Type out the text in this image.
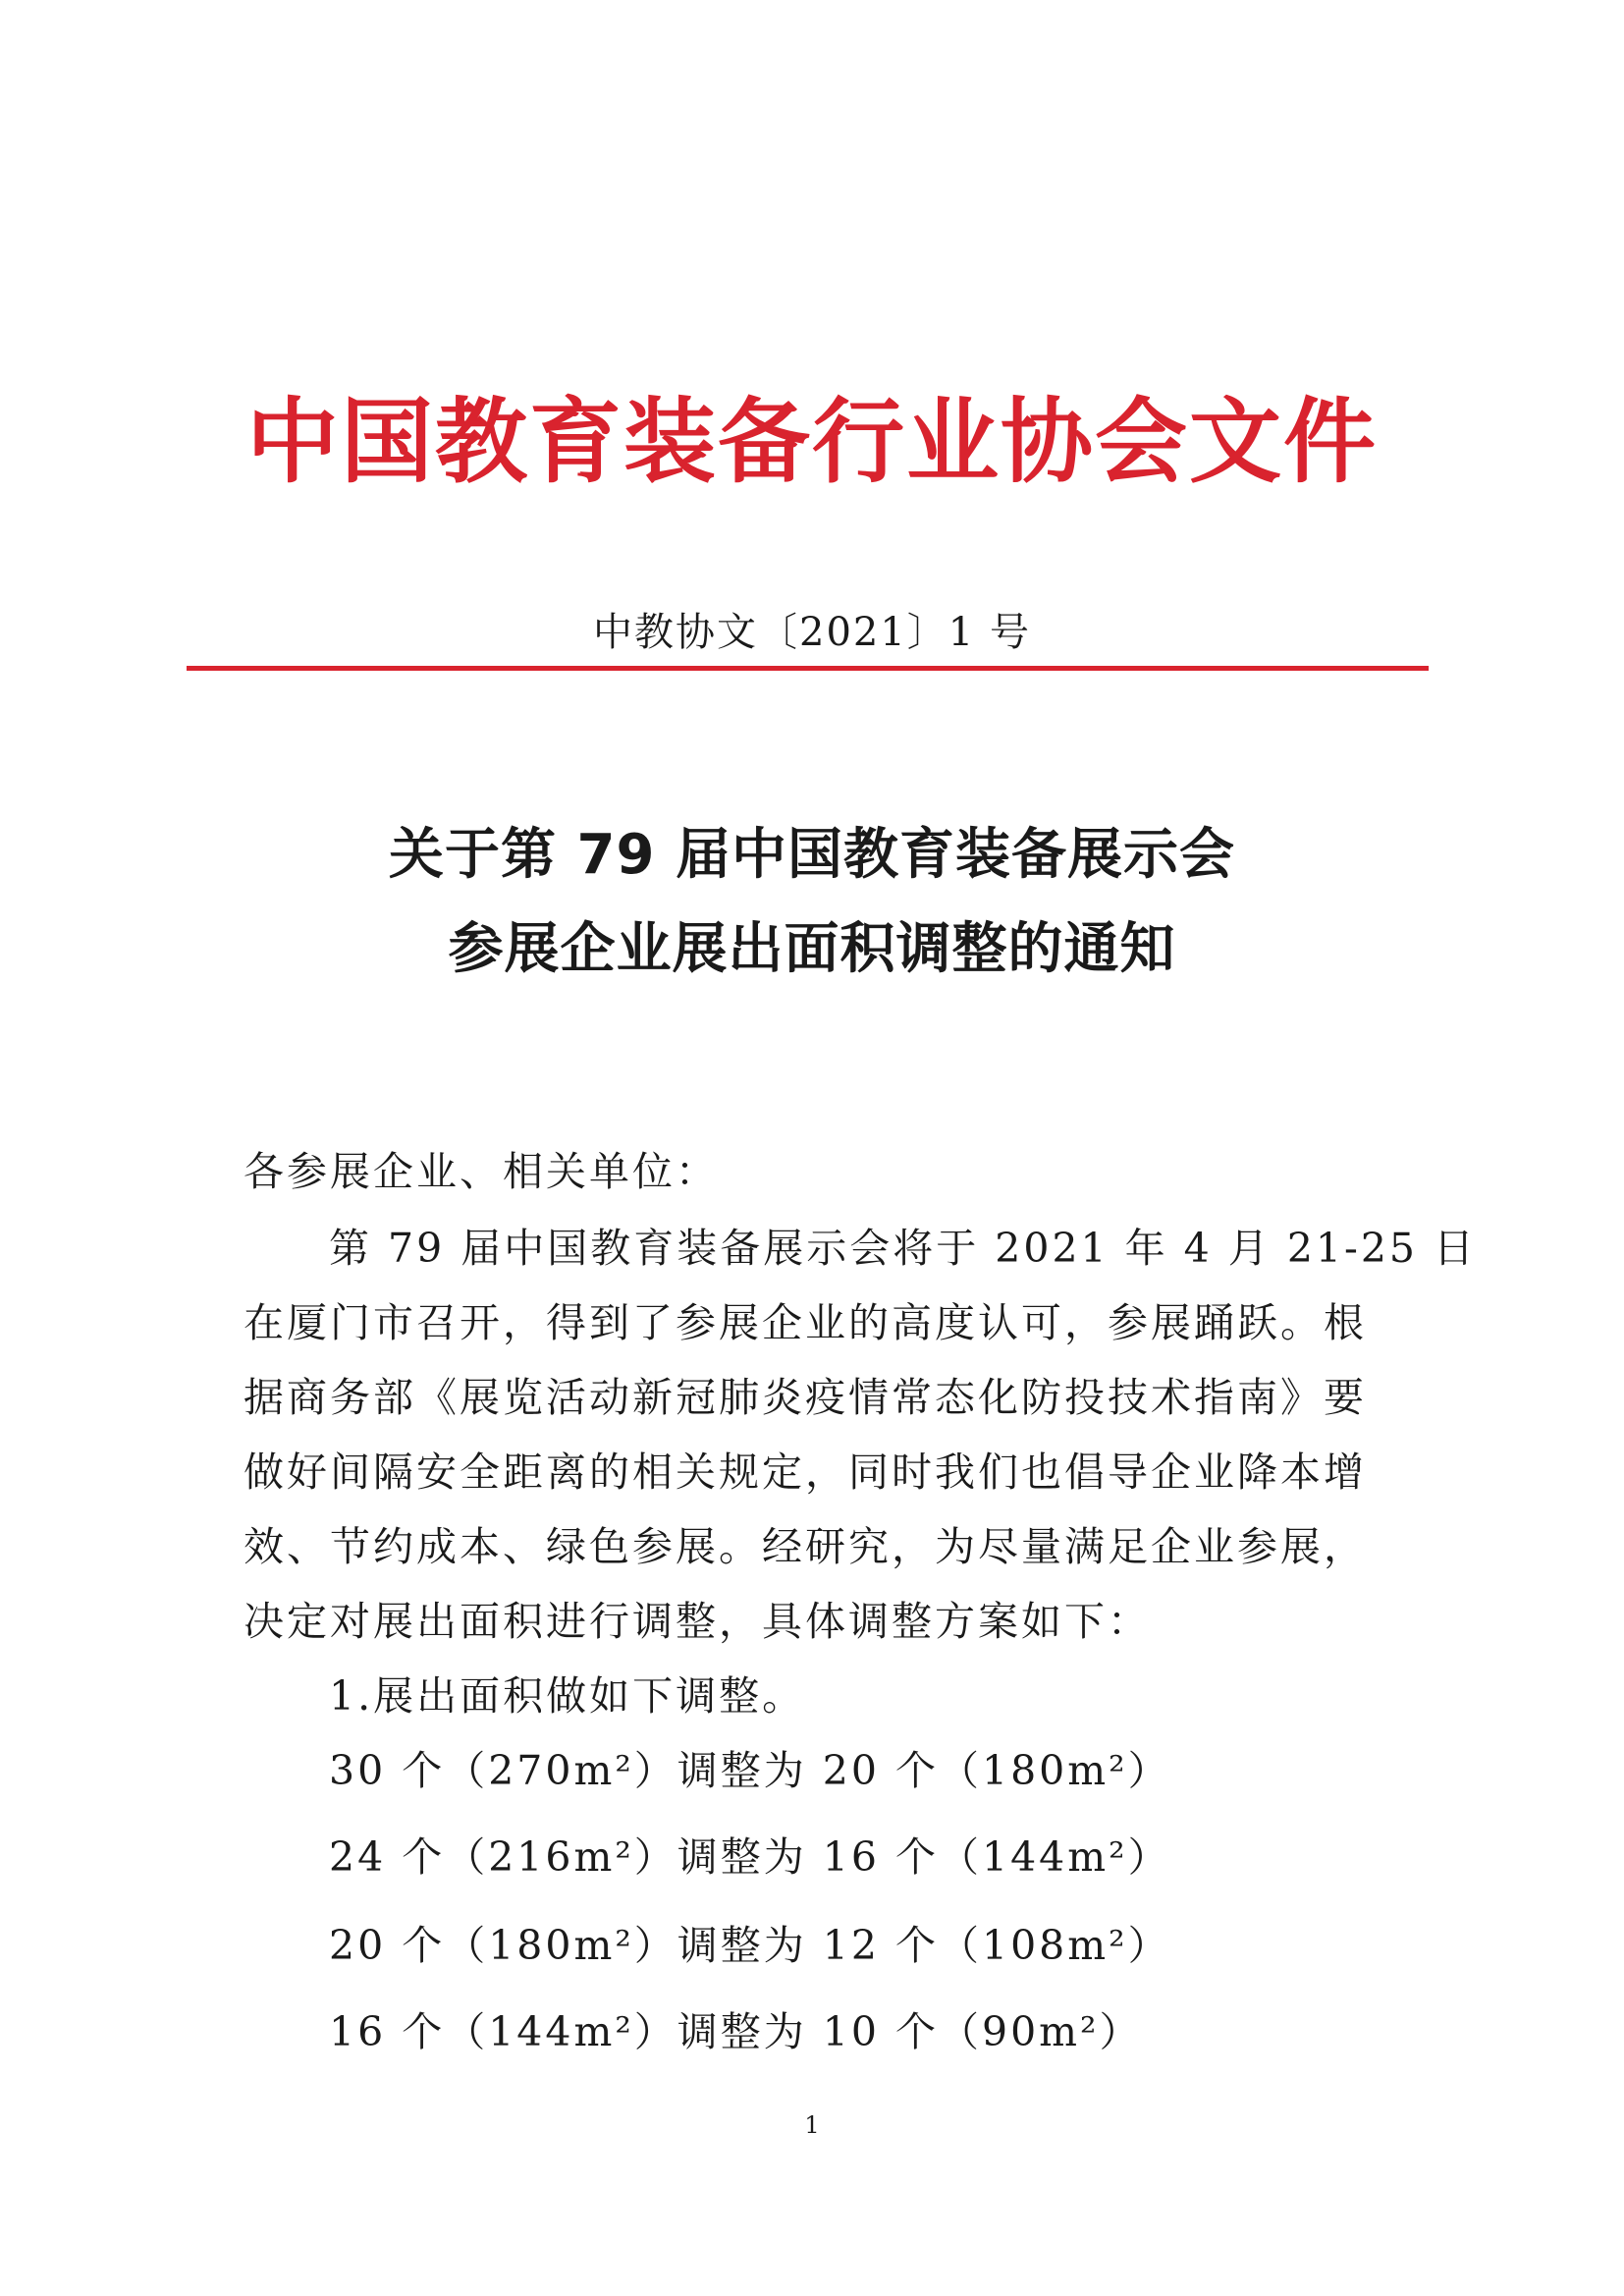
中国教育装备行业协会文件
中教协文〔2021〕1 号
关于第 79 届中国教育装备展示会
参展企业展出面积调整的通知
各参展企业、相关单位：
第 79 届中国教育装备展示会将于 2021 年 4 月 21-25 日
在厦门市召开，得到了参展企业的高度认可，参展踊跃。根
据商务部《展览活动新冠肺炎疫情常态化防投技术指南》要
做好间隔安全距离的相关规定，同时我们也倡导企业降本增
效、节约成本、绿色参展。经研究，为尽量满足企业参展，
决定对展出面积进行调整，具体调整方案如下：
1.展出面积做如下调整。
30 个（270m²）调整为 20 个（180m²）
24 个（216m²）调整为 16 个（144m²）
20 个（180m²）调整为 12 个（108m²）
16 个（144m²）调整为 10 个（90m²）
1
